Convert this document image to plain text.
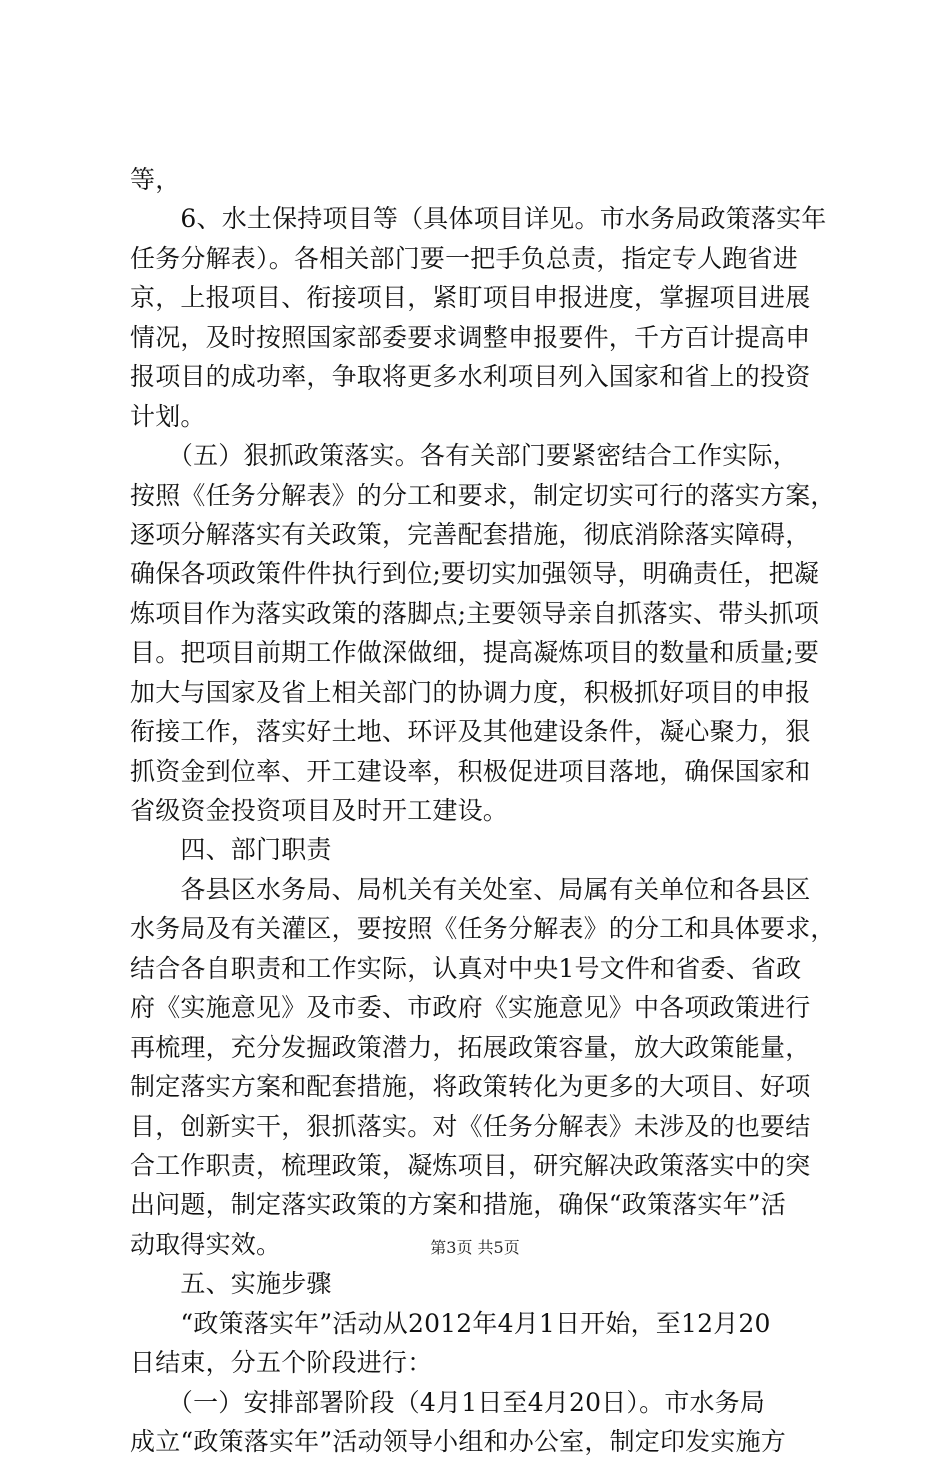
等，
　　6、水土保持项目等（具体项目详见。市水务局政策落实年
任务分解表）。各相关部门要一把手负总责，指定专人跑省进
京，上报项目、衔接项目，紧盯项目申报进度，掌握项目进展
情况，及时按照国家部委要求调整申报要件，千方百计提高申
报项目的成功率，争取将更多水利项目列入国家和省上的投资
计划。
　　（五）狠抓政策落实。各有关部门要紧密结合工作实际，
按照《任务分解表》的分工和要求，制定切实可行的落实方案，
逐项分解落实有关政策，完善配套措施，彻底消除落实障碍，
确保各项政策件件执行到位;要切实加强领导，明确责任，把凝
炼项目作为落实政策的落脚点;主要领导亲自抓落实、带头抓项
目。把项目前期工作做深做细，提高凝炼项目的数量和质量;要
加大与国家及省上相关部门的协调力度，积极抓好项目的申报
衔接工作，落实好土地、环评及其他建设条件，凝心聚力，狠
抓资金到位率、开工建设率，积极促进项目落地，确保国家和
省级资金投资项目及时开工建设。
　　四、部门职责
　　各县区水务局、局机关有关处室、局属有关单位和各县区
水务局及有关灌区，要按照《任务分解表》的分工和具体要求，
结合各自职责和工作实际，认真对中央1号文件和省委、省政
府《实施意见》及市委、市政府《实施意见》中各项政策进行
再梳理，充分发掘政策潜力，拓展政策容量，放大政策能量，
制定落实方案和配套措施，将政策转化为更多的大项目、好项
目，创新实干，狠抓落实。对《任务分解表》未涉及的也要结
合工作职责，梳理政策，凝炼项目，研究解决政策落实中的突
出问题，制定落实政策的方案和措施，确保“政策落实年”活
动取得实效。
　　五、实施步骤
　　“政策落实年”活动从2012年4月1日开始，至12月20
日结束，分五个阶段进行：
　　（一）安排部署阶段（4月1日至4月20日）。市水务局
成立“政策落实年”活动领导小组和办公室，制定印发实施方
第3页 共5页
